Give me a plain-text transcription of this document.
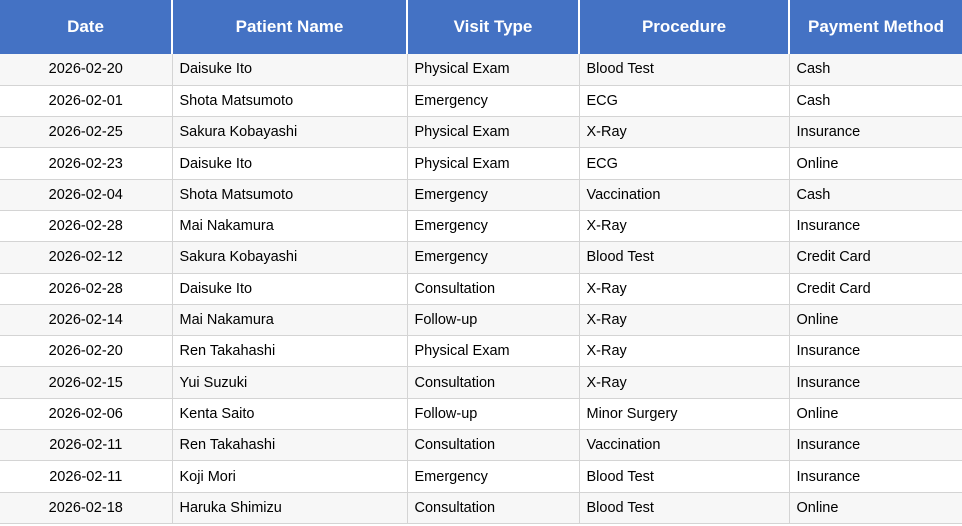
Date	Patient Name	Visit Type	Procedure	Payment Method
2026-02-20	Daisuke Ito	Physical Exam	Blood Test	Cash
2026-02-01	Shota Matsumoto	Emergency	ECG	Cash
2026-02-25	Sakura Kobayashi	Physical Exam	X-Ray	Insurance
2026-02-23	Daisuke Ito	Physical Exam	ECG	Online
2026-02-04	Shota Matsumoto	Emergency	Vaccination	Cash
2026-02-28	Mai Nakamura	Emergency	X-Ray	Insurance
2026-02-12	Sakura Kobayashi	Emergency	Blood Test	Credit Card
2026-02-28	Daisuke Ito	Consultation	X-Ray	Credit Card
2026-02-14	Mai Nakamura	Follow-up	X-Ray	Online
2026-02-20	Ren Takahashi	Physical Exam	X-Ray	Insurance
2026-02-15	Yui Suzuki	Consultation	X-Ray	Insurance
2026-02-06	Kenta Saito	Follow-up	Minor Surgery	Online
2026-02-11	Ren Takahashi	Consultation	Vaccination	Insurance
2026-02-11	Koji Mori	Emergency	Blood Test	Insurance
2026-02-18	Haruka Shimizu	Consultation	Blood Test	Online
